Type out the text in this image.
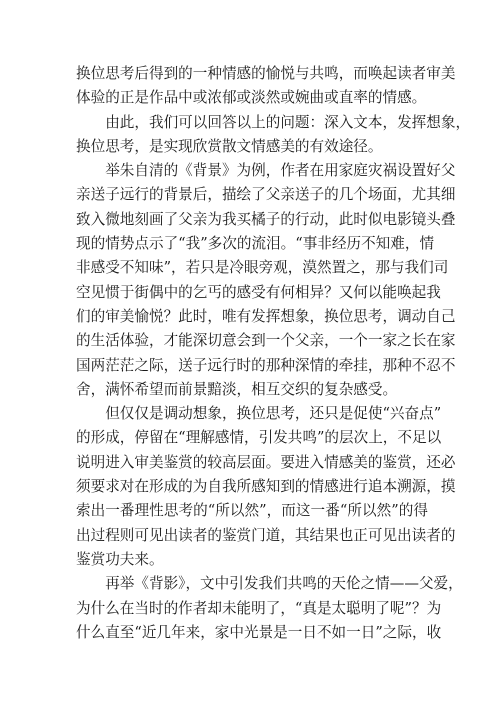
换位思考后得到的一种情感的愉悦与共鸣，而唤起读者审美
体验的正是作品中或浓郁或淡然或婉曲或直率的情感。
　　由此，我们可以回答以上的问题：深入文本，发挥想象，
换位思考，是实现欣赏散文情感美的有效途径。
　　举朱自清的《背景》为例，作者在用家庭灾祸设置好父
亲送子远行的背景后，描绘了父亲送子的几个场面，尤其细
致入微地刻画了父亲为我买橘子的行动，此时似电影镜头叠
现的情势点示了“我”多次的流泪。“事非经历不知难，情
非感受不知味”，若只是冷眼旁观，漠然置之，那与我们司
空见惯于街偶中的乞丐的感受有何相异？又何以能唤起我
们的审美愉悦？此时，唯有发挥想象，换位思考，调动自己
的生活体验，才能深切意会到一个父亲，一个一家之长在家
国两茫茫之际，送子远行时的那种深情的牵挂，那种不忍不
舍，满怀希望而前景黯淡，相互交织的复杂感受。
　　但仅仅是调动想象，换位思考，还只是促使“兴奋点”
的形成，停留在“理解感情，引发共鸣”的层次上，不足以
说明进入审美鉴赏的较高层面。要进入情感美的鉴赏，还必
须要求对在形成的为自我所感知到的情感进行追本溯源，摸
索出一番理性思考的“所以然”，而这一番“所以然”的得
出过程则可见出读者的鉴赏门道，其结果也正可见出读者的
鉴赏功夫来。
　　再举《背影》，文中引发我们共鸣的天伦之情——父爱，
为什么在当时的作者却未能明了，“真是太聪明了呢”？为
什么直至“近几年来，家中光景是一日不如一日”之际，收
